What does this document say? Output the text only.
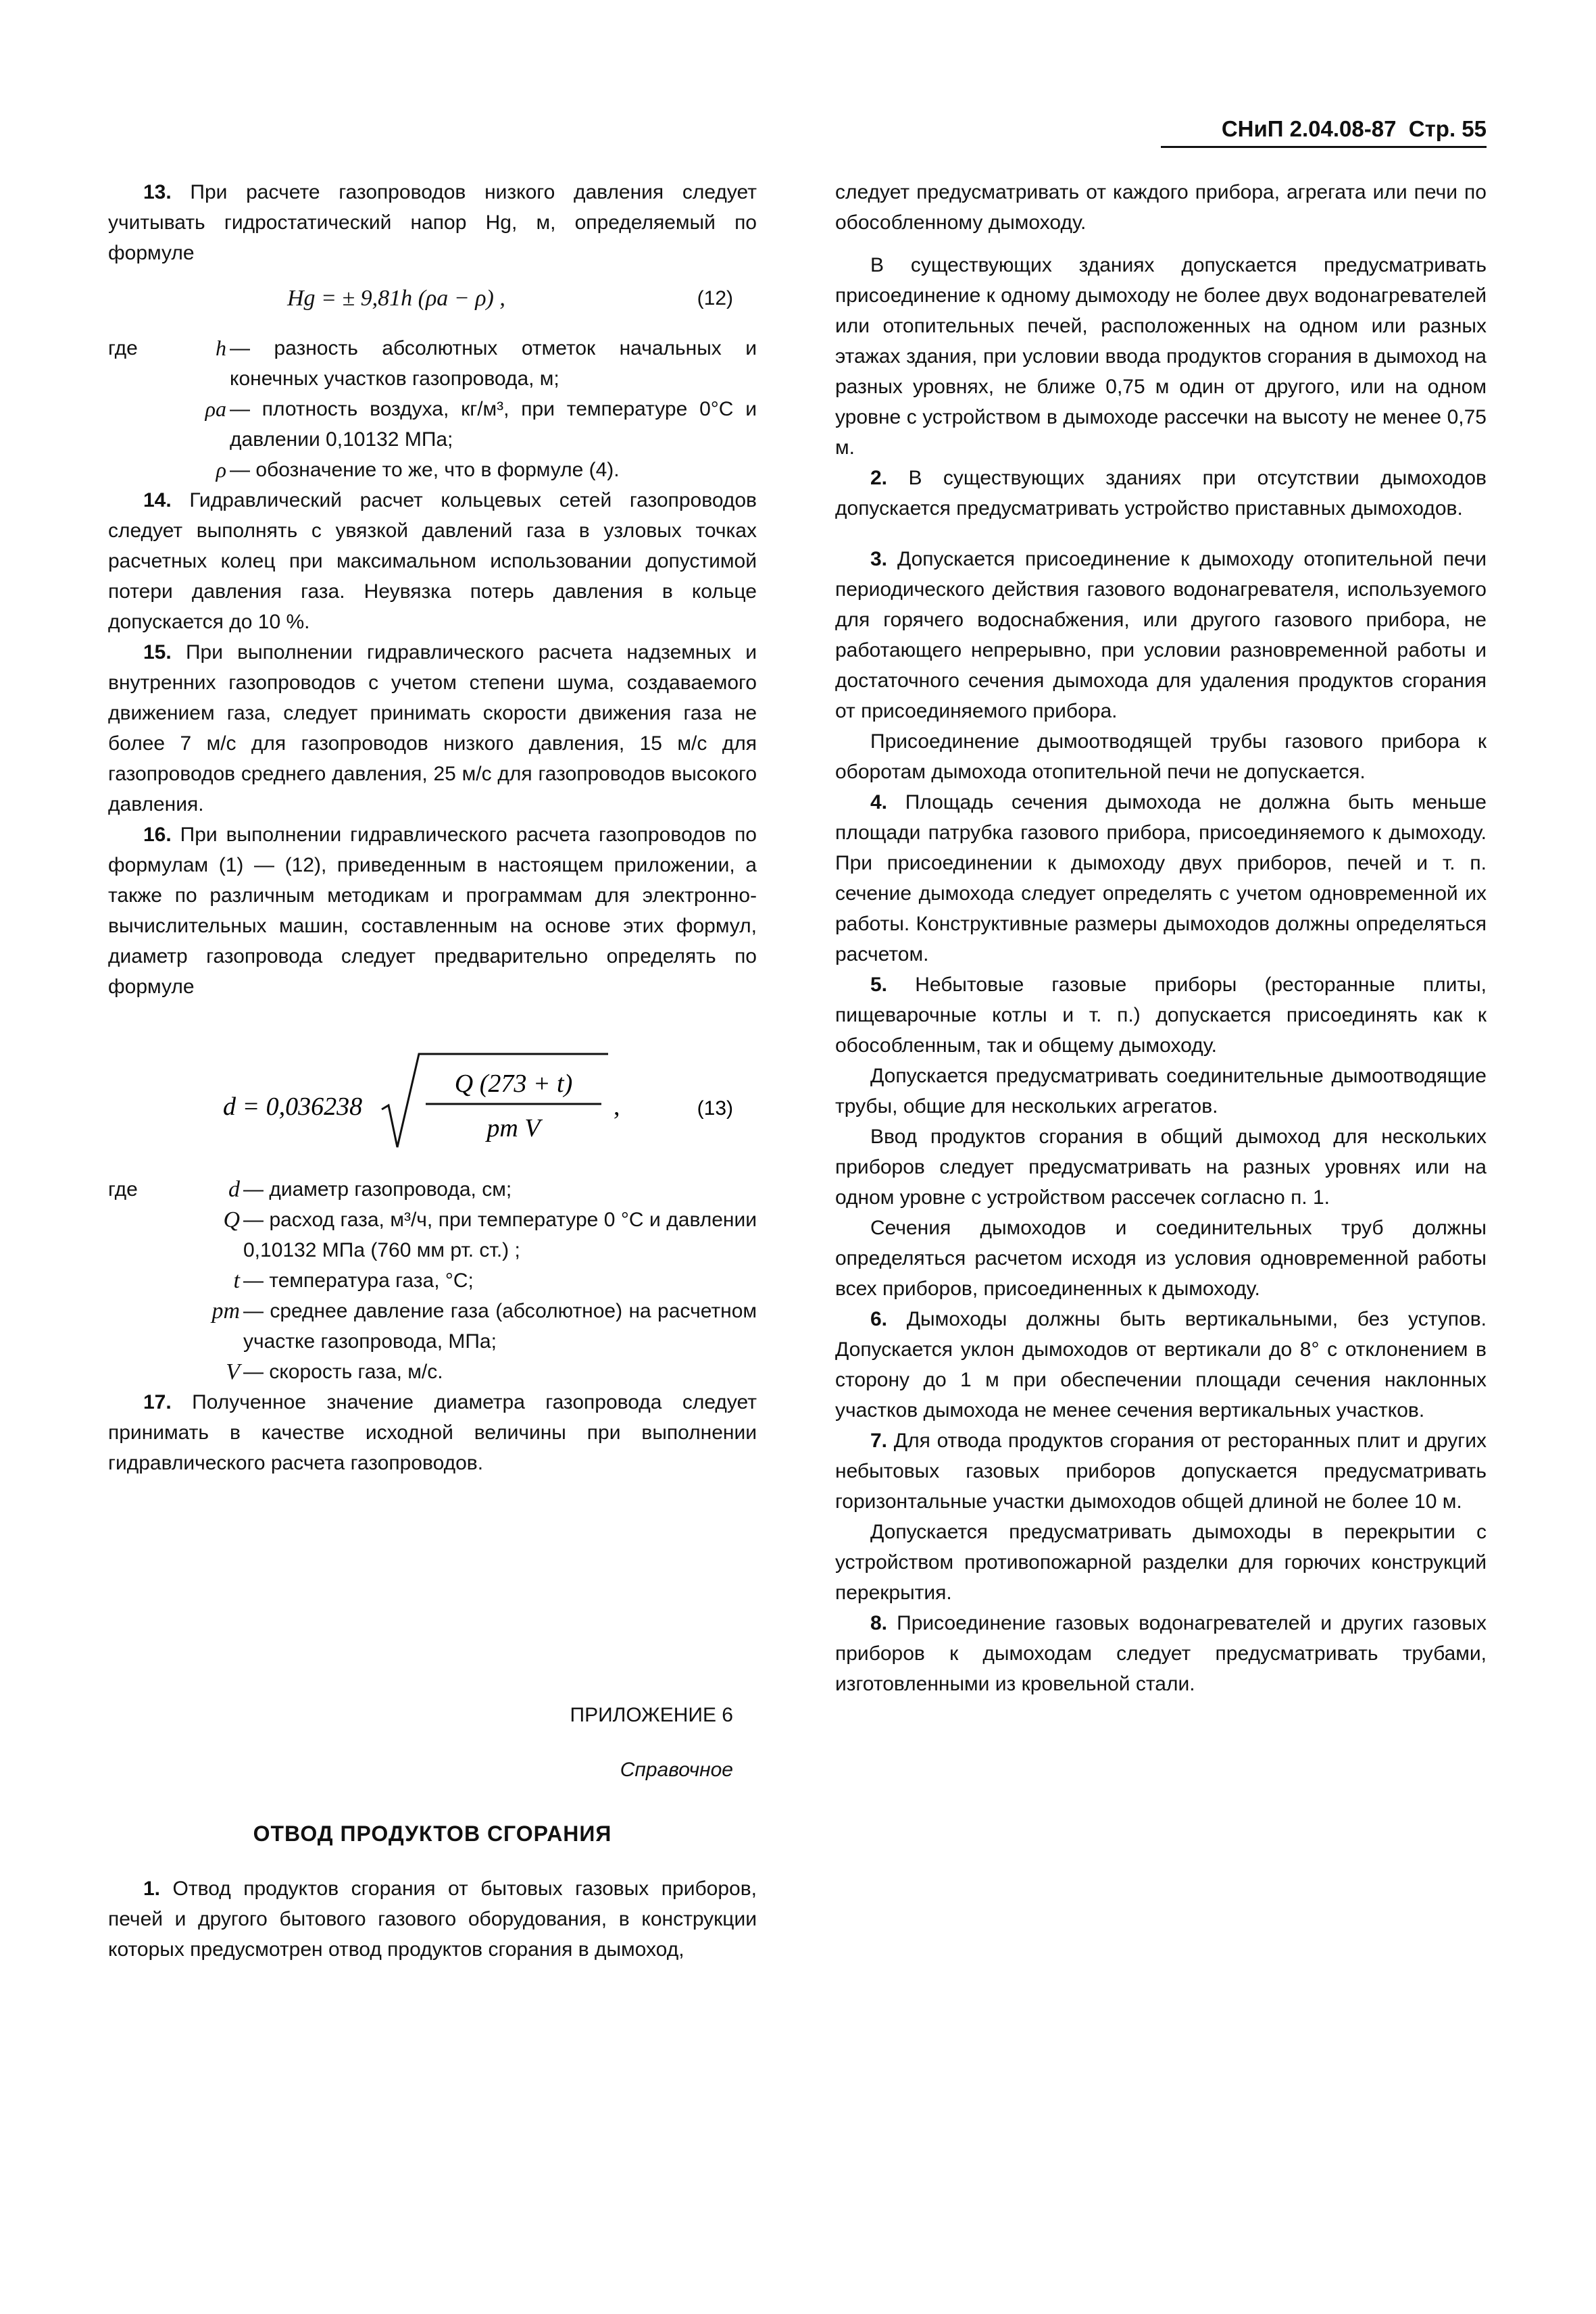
СНиП 2.04.08-87 Стр. 55

13. При расчете газопроводов низкого давления следует учитывать гидростатический напор Hg, м, определяемый по формуле

Hg = ± 9,81h (ρa − ρ) ,	(12)
где	h — разность абсолютных отметок начальных и конечных участков газопровода, м;
ρa — плотность воздуха, кг/м³, при температуре 0°C и давлении 0,10132 МПа;
ρ — обозначение то же, что в формуле (4).

14. Гидравлический расчет кольцевых сетей газопроводов следует выполнять с увязкой давлений газа в узловых точках расчетных колец при максимальном использовании допустимой потери давления газа. Неувязка потерь давления в кольце допускается до 10 %.

15. При выполнении гидравлического расчета надземных и внутренних газопроводов с учетом степени шума, создаваемого движением газа, следует принимать скорости движения газа не более 7 м/с для газопроводов низкого давления, 15 м/с для газопроводов среднего давления, 25 м/с для газопроводов высокого давления.

16. При выполнении гидравлического расчета газопроводов по формулам (1) — (12), приведенным в настоящем приложении, а также по различным методикам и программам для электронно-вычислительных машин, составленным на основе этих формул, диаметр газопровода следует предварительно определять по формуле

d = 0,036238
Q (273 + t)
pm V
,	(13)
где	d — диаметр газопровода, см;
Q — расход газа, м³/ч, при температуре 0 °C и давлении 0,10132 МПа (760 мм рт. ст.) ;
t — температура газа, °C;
pm — среднее давление газа (абсолютное) на расчетном участке газопровода, МПа;
V — скорость газа, м/с.

17. Полученное значение диаметра газопровода следует принимать в качестве исходной величины при выполнении гидравлического расчета газопроводов.

ПРИЛОЖЕНИЕ 6
Справочное
ОТВОД ПРОДУКТОВ СГОРАНИЯ

1. Отвод продуктов сгорания от бытовых газовых приборов, печей и другого бытового газового оборудования, в конструкции которых предусмотрен отвод продуктов сгорания в дымоход,

следует предусматривать от каждого прибора, агрегата или печи по обособленному дымоходу.

В существующих зданиях допускается предусматривать присоединение к одному дымоходу не более двух водонагревателей или отопительных печей, расположенных на одном или разных этажах здания, при условии ввода продуктов сгорания в дымоход на разных уровнях, не ближе 0,75 м один от другого, или на одном уровне с устройством в дымоходе рассечки на высоту не менее 0,75 м.

2. В существующих зданиях при отсутствии дымоходов допускается предусматривать устройство приставных дымоходов.

3. Допускается присоединение к дымоходу отопительной печи периодического действия газового водонагревателя, используемого для горячего водоснабжения, или другого газового прибора, не работающего непрерывно, при условии разновременной работы и достаточного сечения дымохода для удаления продуктов сгорания от присоединяемого прибора.

Присоединение дымоотводящей трубы газового прибора к оборотам дымохода отопительной печи не допускается.

4. Площадь сечения дымохода не должна быть меньше площади патрубка газового прибора, присоединяемого к дымоходу. При присоединении к дымоходу двух приборов, печей и т. п. сечение дымохода следует определять с учетом одновременной их работы. Конструктивные размеры дымоходов должны определяться расчетом.

5. Небытовые газовые приборы (ресторанные плиты, пищеварочные котлы и т. п.) допускается присоединять как к обособленным, так и общему дымоходу.

Допускается предусматривать соединительные дымоотводящие трубы, общие для нескольких агрегатов.

Ввод продуктов сгорания в общий дымоход для нескольких приборов следует предусматривать на разных уровнях или на одном уровне с устройством рассечек согласно п. 1.

Сечения дымоходов и соединительных труб должны определяться расчетом исходя из условия одновременной работы всех приборов, присоединенных к дымоходу.

6. Дымоходы должны быть вертикальными, без уступов. Допускается уклон дымоходов от вертикали до 8° с отклонением в сторону до 1 м при обеспечении площади сечения наклонных участков дымохода не менее сечения вертикальных участков.

7. Для отвода продуктов сгорания от ресторанных плит и других небытовых газовых приборов допускается предусматривать горизонтальные участки дымоходов общей длиной не более 10 м.

Допускается предусматривать дымоходы в перекрытии с устройством противопожарной разделки для горючих конструкций перекрытия.

8. Присоединение газовых водонагревателей и других газовых приборов к дымоходам следует предусматривать трубами, изготовленными из кровельной стали.
